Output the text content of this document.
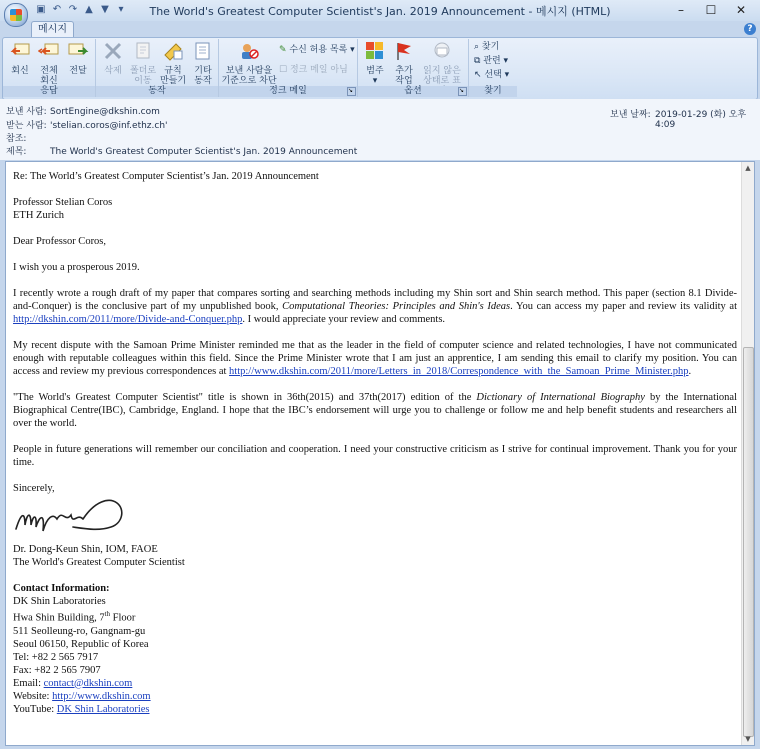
▣ ↶ ↷ ▲ ▼ ▾	The World's Greatest Computer Scientist's Jan. 2019 Announcement - 메시지 (HTML)	–	☐	✕
메시지	?
회신	전체
회신
전달
응답
삭제 폴더로
이동
규칙
만들기
기타
동작
동작
보낸 사람을
기준으로 차단
✎ 수신 허용 목록 ▾
☐ 정크 메일 아님
정크 메일	↘
범주
▾
추가
작업
읽지 않은
상태로 표
옵션	↘
⌕ 찾기
⧉ 관련 ▾
↖ 선택 ▾
찾기
보낸 사람: SortEngine@dkshin.com
받는 사람: 'stelian.coros@inf.ethz.ch'
참조:
제목:	The World's Greatest Computer Scientist's Jan. 2019 Announcement
보낸 날짜: 2019-01-29 (화) 오후 4:09

Re: The World’s Greatest Computer Scientist’s Jan. 2019 Announcement

Professor Stelian Coros

ETH Zurich

Dear Professor Coros,

I wish you a prosperous 2019.

I recently wrote a rough draft of my paper that compares sorting and searching methods including my Shin sort and Shin search method. This paper (section 8.1 Divide-and-Conquer) is the conclusive part of my unpublished book, Computational Theories: Principles and Shin's Ideas. You can access my paper and review its validity at http://dkshin.com/2011/more/Divide-and-Conquer.php. I would appreciate your review and comments.

My recent dispute with the Samoan Prime Minister reminded me that as the leader in the field of computer science and related technologies, I have not communicated enough with reputable colleagues within this field. Since the Prime Minister wrote that I am just an apprentice, I am sending this email to clarify my position. You can access and review my previous correspondences at http://www.dkshin.com/2011/more/Letters_in_2018/Correspondence_with_the_Samoan_Prime_Minister.php.

"The World's Greatest Computer Scientist" title is shown in 36th(2015) and 37th(2017) edition of the Dictionary of International Biography by the International Biographical Centre(IBC), Cambridge, England. I hope that the IBC’s endorsement will urge you to challenge or follow me and help benefit students and researchers all over the world.

People in future generations will remember our conciliation and cooperation. I need your constructive criticism as I strive for continual improvement. Thank you for your time.

Sincerely,
Dr. Dong-Keun Shin, IOM, FAOE

The World's Greatest Computer Scientist

Contact Information:
DK Shin Laboratories
Hwa Shin Building, 7th Floor
511 Seolleung-ro, Gangnam-gu
Seoul 06150, Republic of Korea
Tel: +82 2 565 7917
Fax: +82 2 565 7907
Email: contact@dkshin.com
Website: http://www.dkshin.com
YouTube: DK Shin Laboratories
▲
▼
